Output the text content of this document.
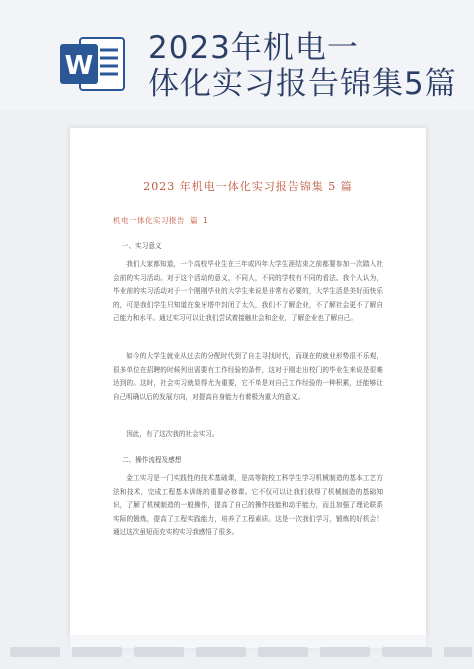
W 2023年机电一
体化实习报告锦集5篇
2023 年机电一体化实习报告锦集 5 篇
机电一体化实习报告 篇 1
一、实习意义
我们大家都知道，一个高校毕业生在三年或四年大学生涯结束之前都要参加一次踏入社会前的实习活动。对于这个活动的意义，不同人，不同的学校有不同的看法。我个人认为，毕业前的实习活动对于一个刚刚毕业的大学生来说是非常有必要的，大学生活是美好而快乐的，可是我们学生只知道在象牙塔中封闭了太久，我们不了解企业，不了解社会更不了解自己能力和水平。通过实习可以让我们尝试着接触社会和企业，了解企业也了解自己。
如今的大学生就业从过去的分配时代到了自主寻找时代，而现在的就业形势很不乐观，很多单位在招聘的时候列出需要有工作经验的条件，这对于刚走出校门的毕业生来说是很难达到的。这时，社会实习就显得尤为重要，它不单是对自己工作经验的一种积累，还能够让自己明确以后的发展方向，对提高自身能力有着极为重大的意义。
因此，有了这次我的社会实习。
二、操作流程及感想
金工实习是一门实践性的技术基础课，是高等院校工科学生学习机械制造的基本工艺方法和技术，完成工程基本训练的重要必修课。它不仅可以让我们获得了机械制造的基础知识，了解了机械制造的一般操作，提高了自己的操作技能和动手能力，而且加强了理论联系实际的锻炼，提高了工程实践能力，培养了工程素质。这是一次我们学习，锻炼的好机会！通过这次虽短而充实的实习我感悟了很多。
